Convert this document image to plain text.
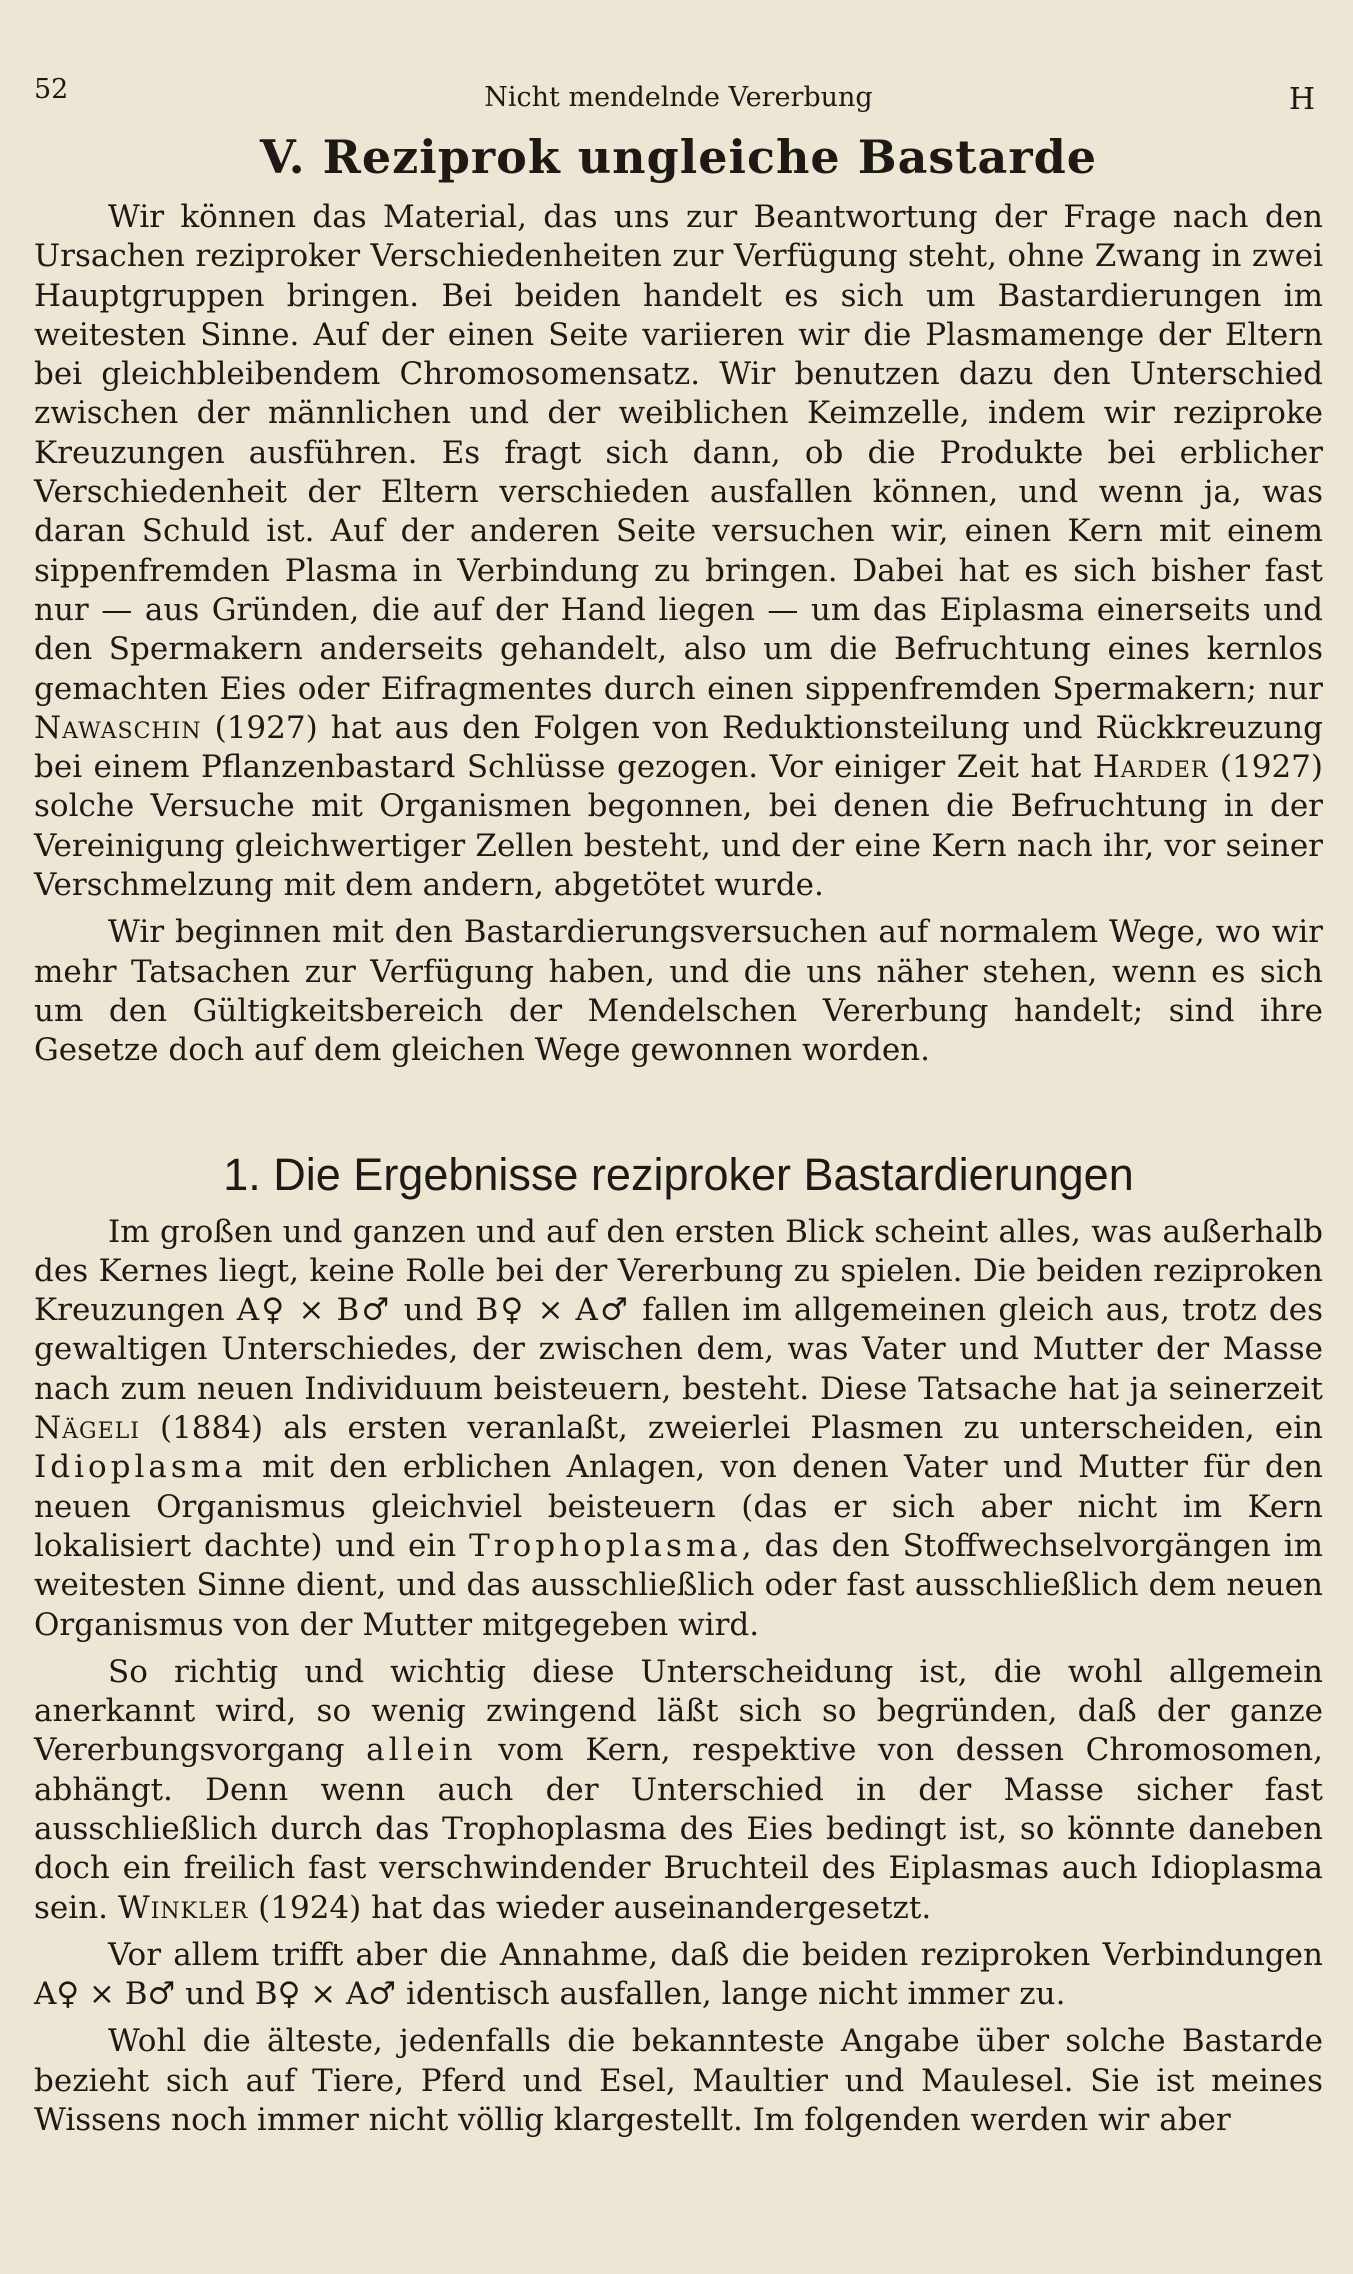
52	Nicht mendelnde Vererbung	H
V. Reziprok ungleiche Bastarde

Wir können das Material, das uns zur Beantwortung der Frage nach den Ursachen reziproker Verschiedenheiten zur Verfügung steht, ohne Zwang in zwei Hauptgruppen bringen. Bei beiden handelt es sich um Bastardierungen im weitesten Sinne. Auf der einen Seite variieren wir die Plasmamenge der Eltern bei gleichbleibendem Chromosomensatz. Wir benutzen dazu den Unterschied zwischen der männlichen und der weiblichen Keimzelle, indem wir reziproke Kreuzungen ausführen. Es fragt sich dann, ob die Produkte bei erblicher Verschiedenheit der Eltern verschieden ausfallen können, und wenn ja, was daran Schuld ist. Auf der anderen Seite versuchen wir, einen Kern mit einem sippenfremden Plasma in Verbindung zu bringen. Dabei hat es sich bisher fast nur — aus Gründen, die auf der Hand liegen — um das Eiplasma einerseits und den Spermakern anderseits gehandelt, also um die Befruchtung eines kernlos gemachten Eies oder Eifragmentes durch einen sippenfremden Spermakern; nur Nawaschin (1927) hat aus den Folgen von Reduktionsteilung und Rückkreuzung bei einem Pflanzenbastard Schlüsse gezogen. Vor einiger Zeit hat Harder (1927) solche Versuche mit Organismen begonnen, bei denen die Befruchtung in der Vereinigung gleichwertiger Zellen besteht, und der eine Kern nach ihr, vor seiner Verschmelzung mit dem andern, abgetötet wurde.

Wir beginnen mit den Bastardierungsversuchen auf normalem Wege, wo wir mehr Tatsachen zur Verfügung haben, und die uns näher stehen, wenn es sich um den Gültigkeitsbereich der Mendelschen Vererbung handelt; sind ihre Gesetze doch auf dem gleichen Wege gewonnen worden.

1. Die Ergebnisse reziproker Bastardierungen

Im großen und ganzen und auf den ersten Blick scheint alles, was außerhalb des Kernes liegt, keine Rolle bei der Vererbung zu spielen. Die beiden reziproken Kreuzungen A♀ × B♂ und B♀ × A♂ fallen im allgemeinen gleich aus, trotz des gewaltigen Unterschiedes, der zwischen dem, was Vater und Mutter der Masse nach zum neuen Individuum beisteuern, besteht. Diese Tatsache hat ja seinerzeit Nägeli (1884) als ersten veranlaßt, zweierlei Plasmen zu unterscheiden, ein Idioplasma mit den erblichen Anlagen, von denen Vater und Mutter für den neuen Organismus gleichviel beisteuern (das er sich aber nicht im Kern lokalisiert dachte) und ein Trophoplasma, das den Stoffwechselvorgängen im weitesten Sinne dient, und das ausschließlich oder fast ausschließlich dem neuen Organismus von der Mutter mitgegeben wird.

So richtig und wichtig diese Unterscheidung ist, die wohl allgemein anerkannt wird, so wenig zwingend läßt sich so begründen, daß der ganze Vererbungsvorgang allein vom Kern, respektive von dessen Chromosomen, abhängt. Denn wenn auch der Unterschied in der Masse sicher fast ausschließlich durch das Trophoplasma des Eies bedingt ist, so könnte daneben doch ein freilich fast verschwindender Bruchteil des Eiplasmas auch Idioplasma sein. Winkler (1924) hat das wieder auseinandergesetzt.

Vor allem trifft aber die Annahme, daß die beiden reziproken Verbindungen A♀ × B♂ und B♀ × A♂ identisch ausfallen, lange nicht immer zu.

Wohl die älteste, jedenfalls die bekannteste Angabe über solche Bastarde bezieht sich auf Tiere, Pferd und Esel, Maultier und Maulesel. Sie ist meines Wissens noch immer nicht völlig klargestellt. Im folgenden werden wir aber
